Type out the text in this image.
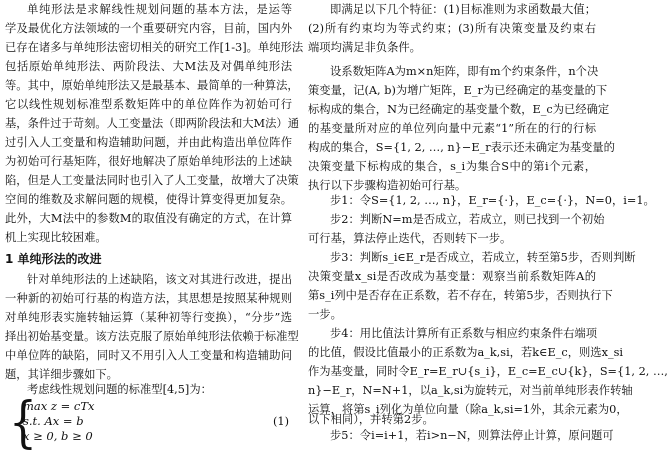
单纯形法是求解线性规划问题的基本方法，是运等
学及最优化方法领域的一个重要研究内容，目前，国内外
已存在诸多与单纯形法密切相关的研究工作[1-3]。单纯形法
包括原始单纯形法、两阶段法、大M法及对偶单纯形法
等。其中，原始单纯形法又是最基本、最简单的一种算法，
它以线性规划标准型系数矩阵中的单位阵作为初始可行
基，条件过于苛刻。人工变量法（即两阶段法和大M法）通
过引入人工变量和构造辅助问题，并由此构造出单位阵作
为初始可行基矩阵，很好地解决了原始单纯形法的上述缺
陷，但是人工变量法同时也引入了人工变量，故增大了决策
空间的维数及求解问题的规模，使得计算变得更加复杂。
此外，大M法中的参数M的取值没有确定的方式，在计算
机上实现比较困难。
1 单纯形法的改进
针对单纯形法的上述缺陷，该文对其进行改进，提出
一种新的初始可行基的构造方法，其思想是按照某种规则
对单纯形表实施转轴运算（某种初等行变换），“分步”选
择出初始基变量。该方法克服了原始单纯形法依赖于标准型
中单位阵的缺陷，同时又不用引入人工变量和构造辅助问
题，其详细步骤如下。
考虑线性规划问题的标准型[4,5]为：
{
max z = cTx
s.t. Ax = b
x ≥ 0, b ≥ 0
(1)
即满足以下几个特征：(1)目标准则为求函数最大值；
(2)所有约束均为等式约束；(3)所有决策变量及约束右
端项均满足非负条件。
设系数矩阵A为m×n矩阵，即有m个约束条件，n个决
策变量，记(A, b)为增广矩阵，E_r为已经确定的基变量的下
标构成的集合，N为已经确定的基变量个数，E_c为已经确定
的基变量所对应的单位列向量中元素“1”所在的行的行标
构成的集合，S={1, 2, …, n}−E_r表示还未确定为基变量的
决策变量下标构成的集合，s_i为集合S中的第i个元素，
执行以下步骤构造初始可行基。
步1：令S={1, 2, …, n}，E_r={·}，E_c={·}，N=0，i=1。
步2：判断N=m是否成立，若成立，则已找到一个初始
可行基，算法停止迭代，否则转下一步。
步3：判断s_i∈E_r是否成立，若成立，转至第5步，否则判断
决策变量x_si是否改成为基变量：观察当前系数矩阵A的
第s_i列中是否存在正系数，若不存在，转第5步，否则执行下
一步。
步4：用比值法计算所有正系数与相应约束条件右端项
的比值，假设比值最小的正系数为a_k,si，若k∈E_c，则选x_si
作为基变量，同时令E_r=E_r∪{s_i}，E_c=E_c∪{k}，S={1, 2, …,
n}−E_r，N=N+1，以a_k,si为旋转元，对当前单纯形表作转轴
运算，将第s_i列化为单位向量（除a_k,si=1外，其余元素为0，
以下相同），并转第2步。
步5：令i=i+1，若i>n−N，则算法停止计算，原问题可
